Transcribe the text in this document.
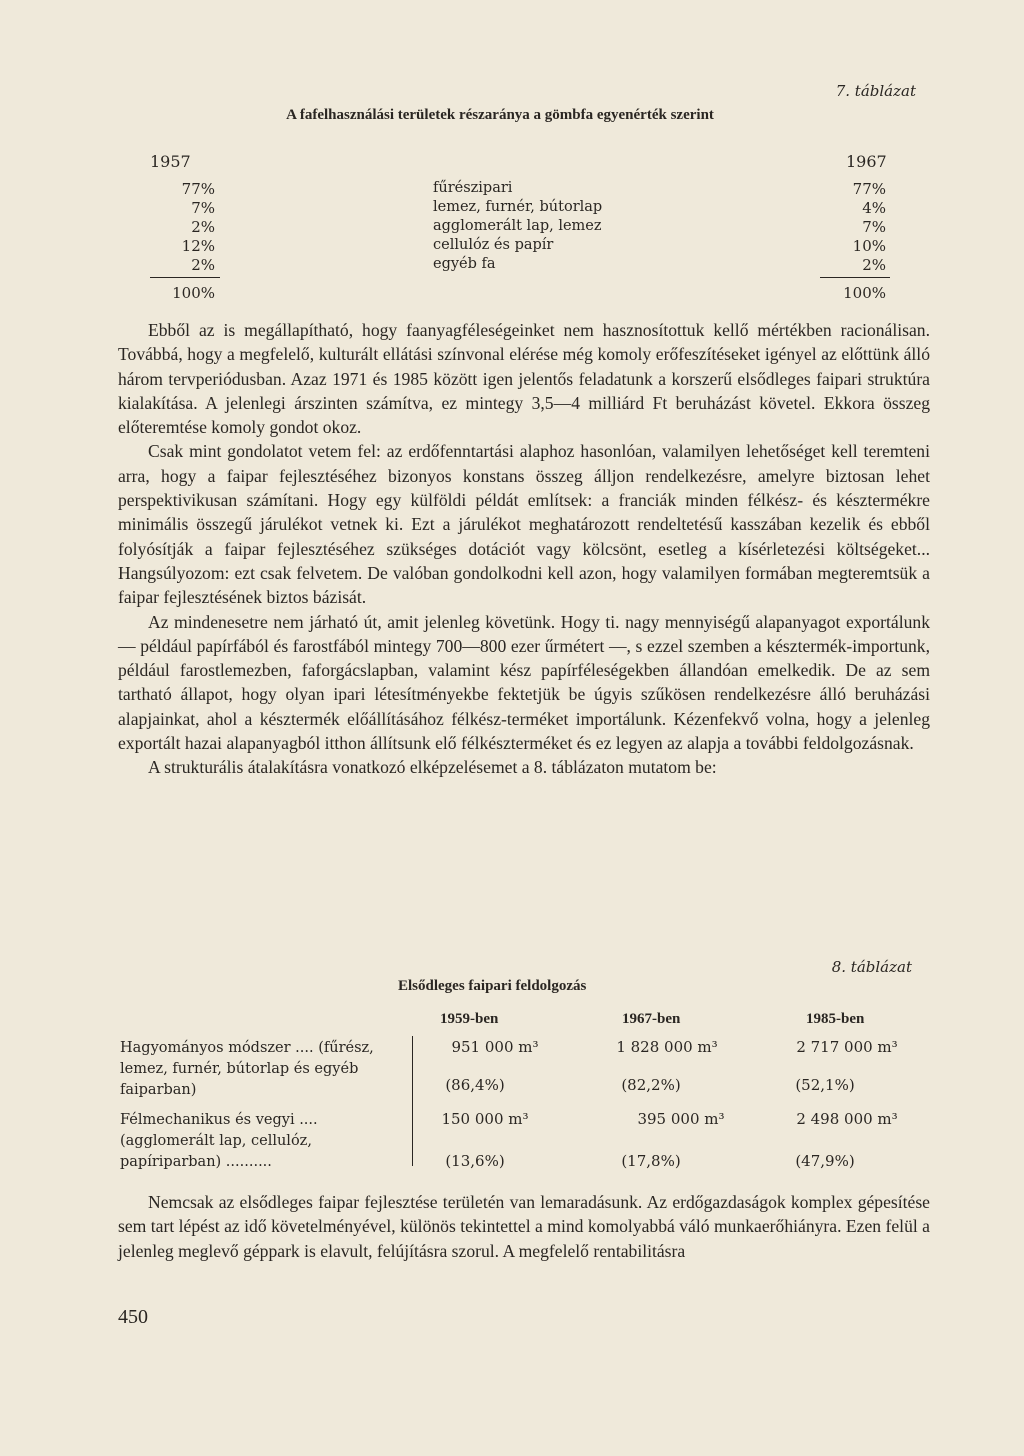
7. táblázat
A fafelhasználási területek részaránya a gömbfa egyenérték szerint
1957	1967
77%	fűrészipari	77%
7%	lemez, furnér, bútorlap	4%
2%	agglomerált lap, lemez	7%
12%	cellulóz és papír	10%
2%	egyéb fa	2%
100%	100%

Ebből az is megállapítható, hogy faanyagféleségeinket nem hasznosítottuk kellő mértékben racionálisan. Továbbá, hogy a megfelelő, kulturált ellátási színvonal elérése még komoly erőfeszítéseket igényel az előttünk álló három tervperiódusban. Azaz 1971 és 1985 között igen jelentős feladatunk a korszerű elsődleges faipari struktúra kialakítása. A jelenlegi árszinten számítva, ez mintegy 3,5—4 milliárd Ft beruházást követel. Ekkora összeg előteremtése komoly gondot okoz.

Csak mint gondolatot vetem fel: az erdőfenntartási alaphoz hasonlóan, valamilyen lehetőséget kell teremteni arra, hogy a faipar fejlesztéséhez bizonyos konstans összeg álljon rendelkezésre, amelyre biztosan lehet perspektivikusan számítani. Hogy egy külföldi példát említsek: a franciák minden félkész- és késztermékre minimális összegű járulékot vetnek ki. Ezt a járulékot meghatározott rendeltetésű kasszában kezelik és ebből folyósítják a faipar fejlesztéséhez szükséges dotációt vagy kölcsönt, esetleg a kísérletezési költségeket... Hangsúlyozom: ezt csak felvetem. De valóban gondolkodni kell azon, hogy valamilyen formában megteremtsük a faipar fejlesztésének biztos bázisát.

Az mindenesetre nem járható út, amit jelenleg követünk. Hogy ti. nagy mennyiségű alapanyagot exportálunk — például papírfából és farostfából mintegy 700—800 ezer űrmétert —, s ezzel szemben a késztermék-importunk, például farostlemezben, faforgácslapban, valamint kész papírféleségekben állandóan emelkedik. De az sem tartható állapot, hogy olyan ipari létesítményekbe fektetjük be úgyis szűkösen rendelkezésre álló beruházási alapjainkat, ahol a késztermék előállításához félkész-terméket importálunk. Kézenfekvő volna, hogy a jelenleg exportált hazai alapanyagból itthon állítsunk elő félkészterméket és ez legyen az alapja a további feldolgozásnak.

A strukturális átalakításra vonatkozó elképzelésemet a 8. táblázaton mutatom be:

8. táblázat
Elsődleges faipari feldolgozás
1959-ben	1967-ben	1985-ben
Hagyományos módszer .... (fűrész, lemez, furnér, bútorlap és egyéb faiparban)
951 000 m³	1 828 000 m³	2 717 000 m³
(86,4%)	(82,2%)	(52,1%)
Félmechanikus és vegyi .... (agglomerált lap, cellulóz, papíriparban) ..........
150 000 m³	395 000 m³	2 498 000 m³
(13,6%)	(17,8%)	(47,9%)

Nemcsak az elsődleges faipar fejlesztése területén van lemaradásunk. Az erdőgazdaságok komplex gépesítése sem tart lépést az idő követelményével, különös tekintettel a mind komolyabbá váló munkaerőhiányra. Ezen felül a jelenleg meglevő géppark is elavult, felújításra szorul. A megfelelő rentabilitásra

450
